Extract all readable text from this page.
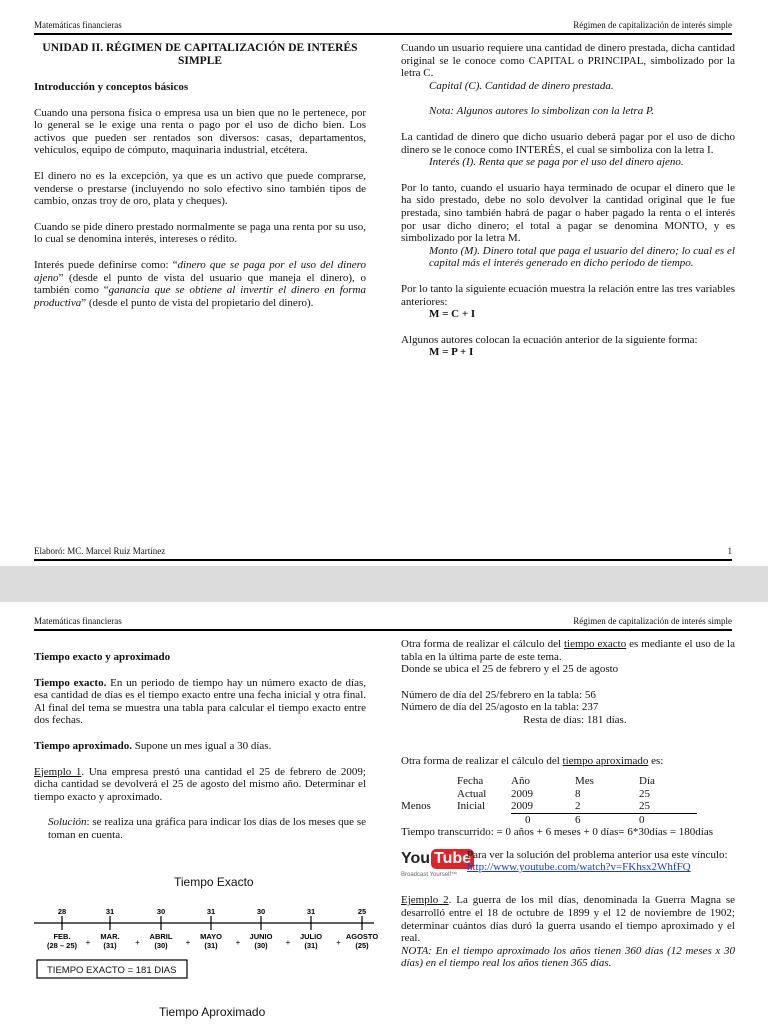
Matemáticas financieras	Régimen de capitalización de interés simple

UNIDAD II. RÉGIMEN DE CAPITALIZACIÓN DE INTERÉS SIMPLE

Introducción y conceptos básicos

Cuando una persona física o empresa usa un bien que no le pertenece, por lo general se le exige una renta o pago por el uso de dicho bien. Los activos que pueden ser rentados son diversos: casas, departamentos, vehículos, equipo de cómputo, maquinaria industrial, etcétera.

El dinero no es la excepción, ya que es un activo que puede comprarse, venderse o prestarse (incluyendo no solo efectivo sino también tipos de cambio, onzas troy de oro, plata y cheques).

Cuando se pide dinero prestado normalmente se paga una renta por su uso, lo cual se denomina interés, intereses o rédito.

Interés puede definirse como: “dinero que se paga por el uso del dinero ajeno” (desde el punto de vista del usuario que maneja el dinero), o también como “ganancia que se obtiene al invertir el dinero en forma productiva” (desde el punto de vista del propietario del dinero).

Cuando un usuario requiere una cantidad de dinero prestada, dicha cantidad original se le conoce como CAPITAL o PRINCIPAL, simbolizado por la letra C.

Capital (C). Cantidad de dinero prestada.

Nota: Algunos autores lo simbolizan con la letra P.

La cantidad de dinero que dicho usuario deberá pagar por el uso de dicho dinero se le conoce como INTERÉS, el cual se simboliza con la letra I.

Interés (I). Renta que se paga por el uso del dinero ajeno.

Por lo tanto, cuando el usuario haya terminado de ocupar el dinero que le ha sido prestado, debe no solo devolver la cantidad original que le fue prestada, sino también habrá de pagar o haber pagado la renta o el interés por usar dicho dinero; el total a pagar se denomina MONTO, y es simbolizado por la letra M.

Monto (M). Dinero total que paga el usuario del dinero; lo cual es el capital más el interés generado en dicho periodo de tiempo.

Por lo tanto la siguiente ecuación muestra la relación entre las tres variables anteriores:

M = C + I

Algunos autores colocan la ecuación anterior de la siguiente forma:

M = P + I

Elaboró: MC. Marcel Ruiz Martínez	1
Matemáticas financieras	Régimen de capitalización de interés simple

Tiempo exacto y aproximado

Tiempo exacto. En un periodo de tiempo hay un número exacto de días, esa cantidad de días es el tiempo exacto entre una fecha inicial y otra final. Al final del tema se muestra una tabla para calcular el tiempo exacto entre dos fechas.

Tiempo aproximado. Supone un mes igual a 30 días.

Ejemplo 1. Una empresa prestó una cantidad el 25 de febrero de 2009; dicha cantidad se devolverá el 25 de agosto del mismo año. Determinar el tiempo exacto y aproximado.

Solución: se realiza una gráfica para indicar los días de los meses que se toman en cuenta.

Tiempo Exacto
28
FEB.
(28 – 25)
31
MAR.
(31)
+
30
ABRIL
(30)
+
31
MAYO
(31)
+
30
JUNIO
(30)
+
31
JULIO
(31)
+
25
AGOSTO
(25)
+
TIEMPO EXACTO = 181 DIAS
Tiempo Aproximado

Otra forma de realizar el cálculo del tiempo exacto es mediante el uso de la tabla en la última parte de este tema.

Donde se ubica el 25 de febrero y el 25 de agosto

Número de día del 25/febrero en la tabla: 56

Número de día del 25/agosto en la tabla: 237

Resta de días: 181 días.

Otra forma de realizar el cálculo del tiempo aproximado es:

	Fecha	Año	Mes	Día
	Actual	2009	8	25
Menos	Inicial	2009	2	25
		0	6	0

Tiempo transcurrido: = 0 años + 6 meses + 0 días= 6*30días = 180días

You Tube
Broadcast Yourself™
Para ver la solución del problema anterior usa este vínculo:
http://www.youtube.com/watch?v=FKhsx2WhfFQ

Ejemplo 2. La guerra de los mil días, denominada la Guerra Magna se desarrolló entre el 18 de octubre de 1899 y el 12 de noviembre de 1902; determinar cuántos días duró la guerra usando el tiempo aproximado y el real.

NOTA: En el tiempo aproximado los años tienen 360 días (12 meses x 30 días) en el tiempo real los años tienen 365 días.
